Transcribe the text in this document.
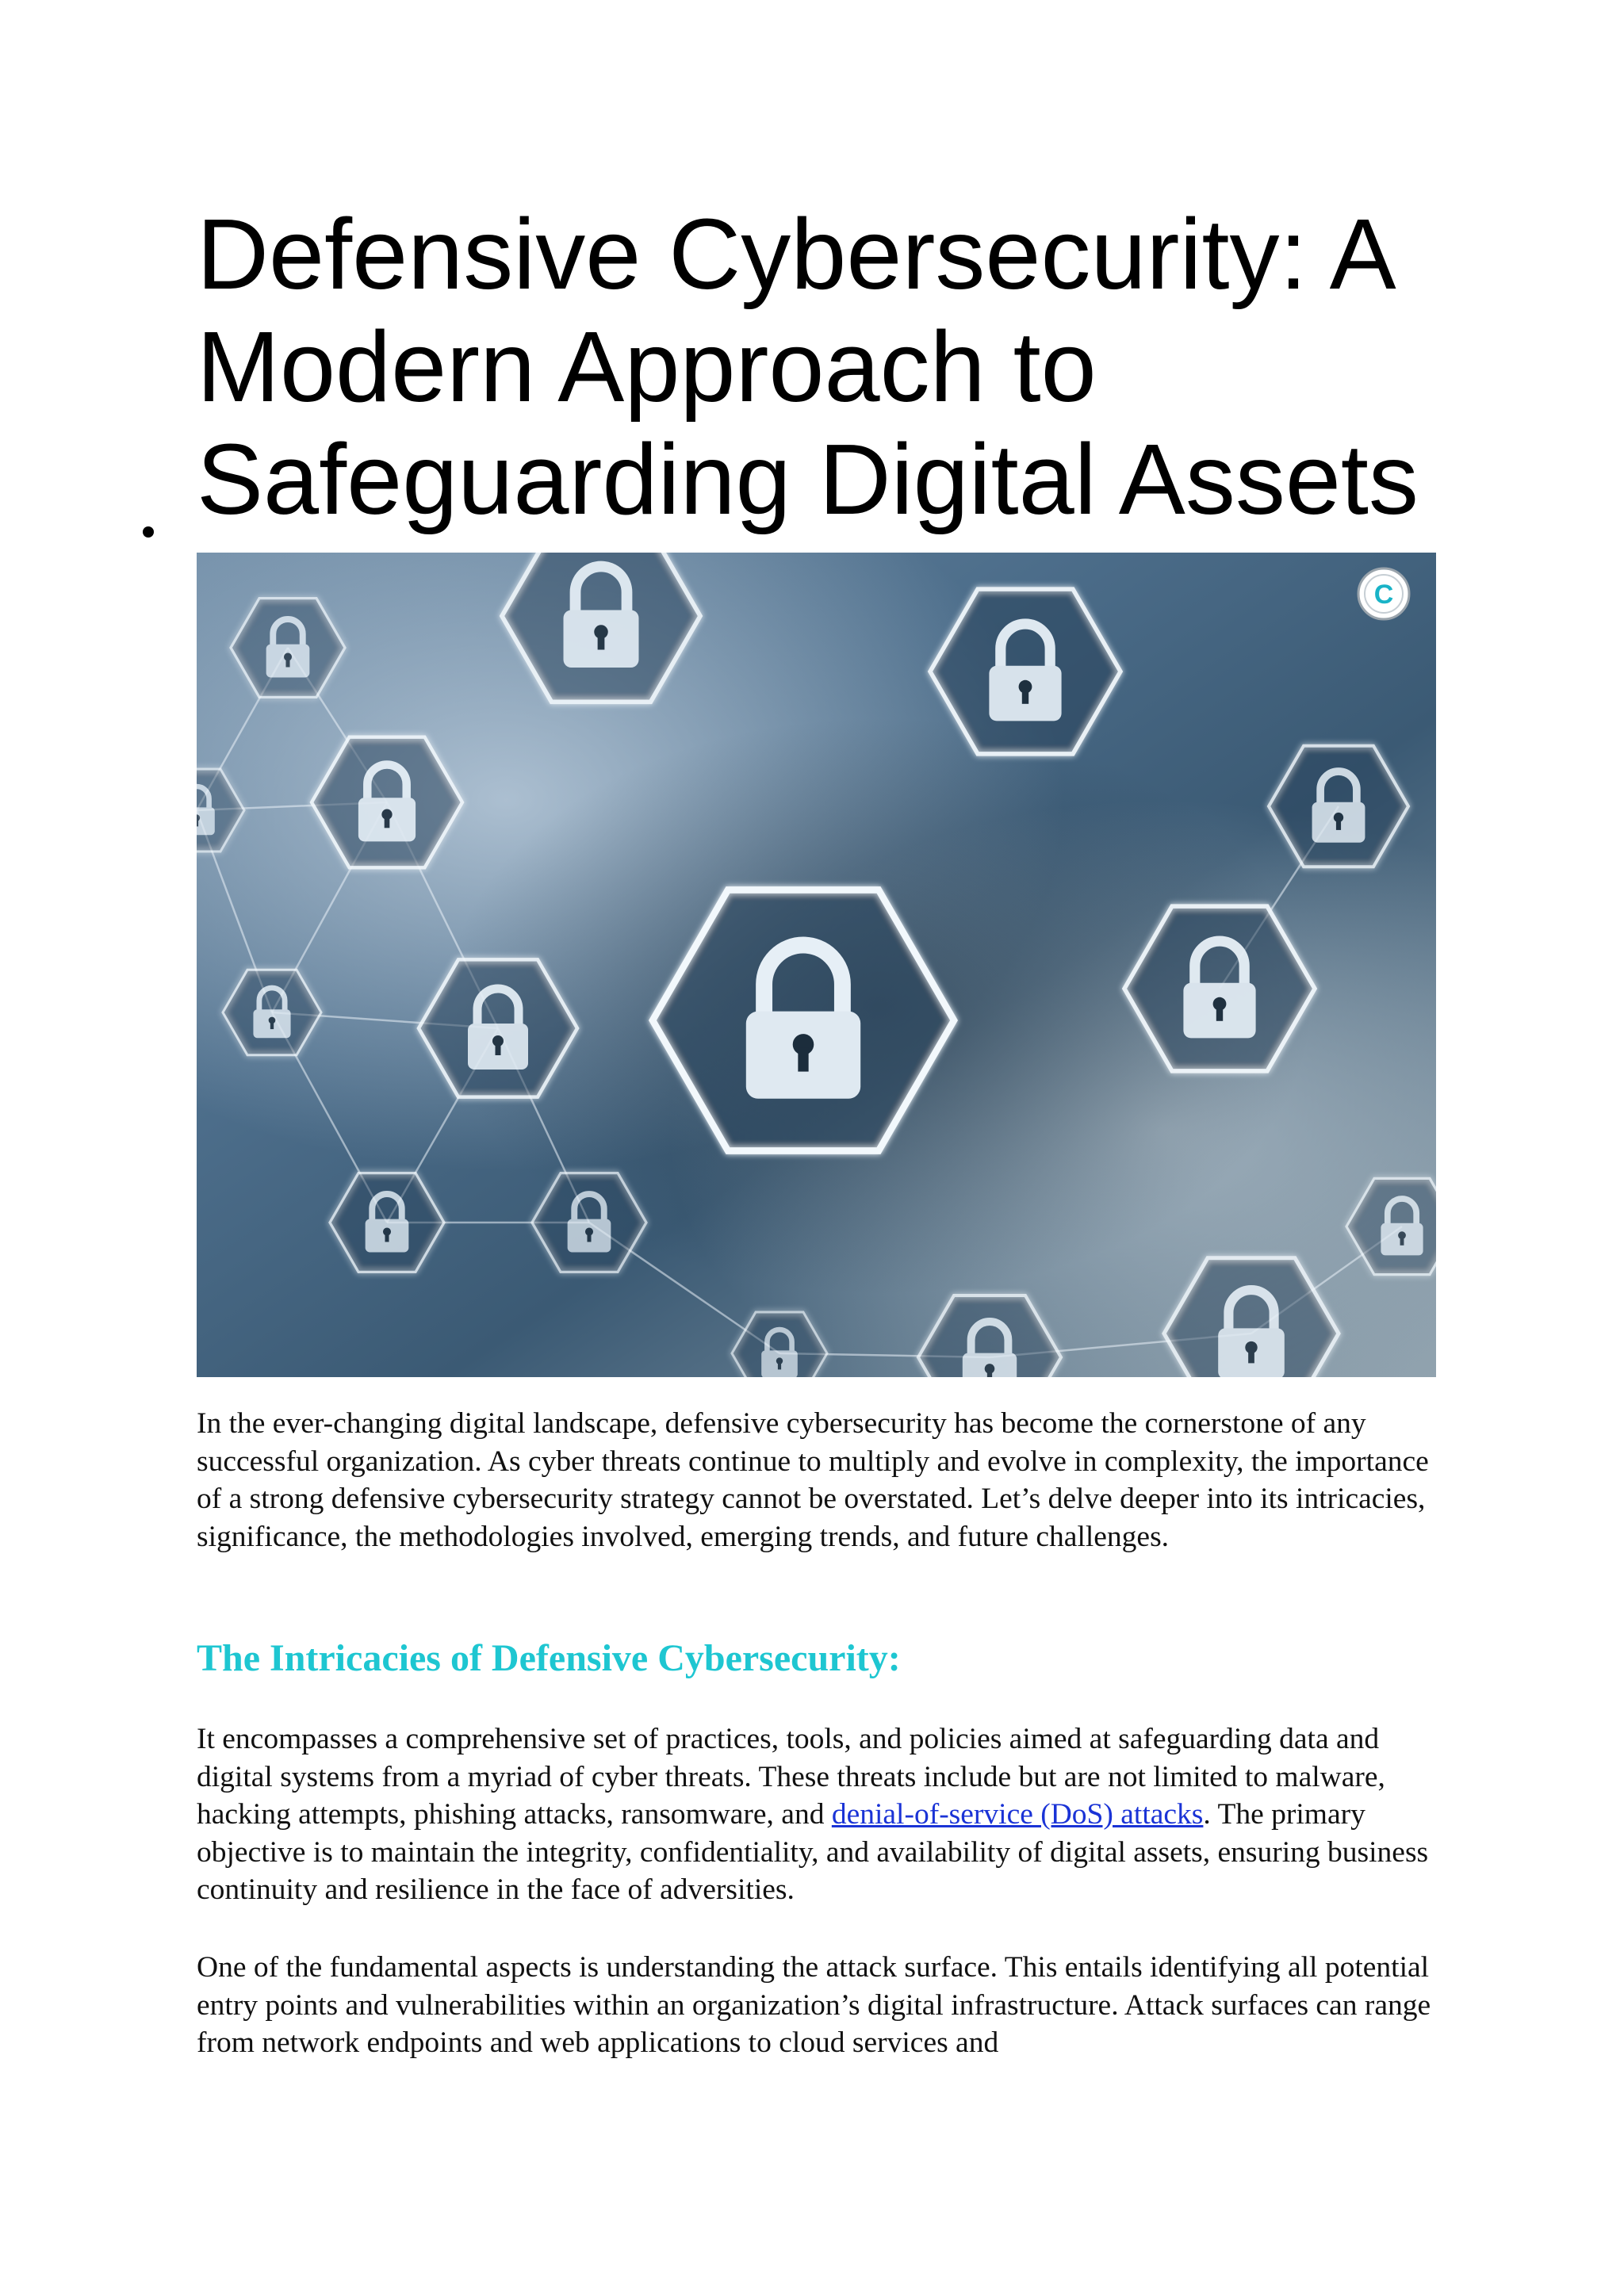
Defensive Cybersecurity: A Modern Approach to Safeguarding Digital Assets
C

In the ever-changing digital landscape, defensive cybersecurity has become the cornerstone of any successful organization. As cyber threats continue to multiply and evolve in complexity, the importance of a strong defensive cybersecurity strategy cannot be overstated. Let’s delve deeper into its intricacies, significance, the methodologies involved, emerging trends, and future challenges.

The Intricacies of Defensive Cybersecurity:

It encompasses a comprehensive set of practices, tools, and policies aimed at safeguarding data and digital systems from a myriad of cyber threats. These threats include but are not limited to malware, hacking attempts, phishing attacks, ransomware, and denial-of-service (DoS) attacks. The primary objective is to maintain the integrity, confidentiality, and availability of digital assets, ensuring business continuity and resilience in the face of adversities.

One of the fundamental aspects is understanding the attack surface. This entails identifying all potential entry points and vulnerabilities within an organization’s digital infrastructure. Attack surfaces can range from network endpoints and web applications to cloud services and
